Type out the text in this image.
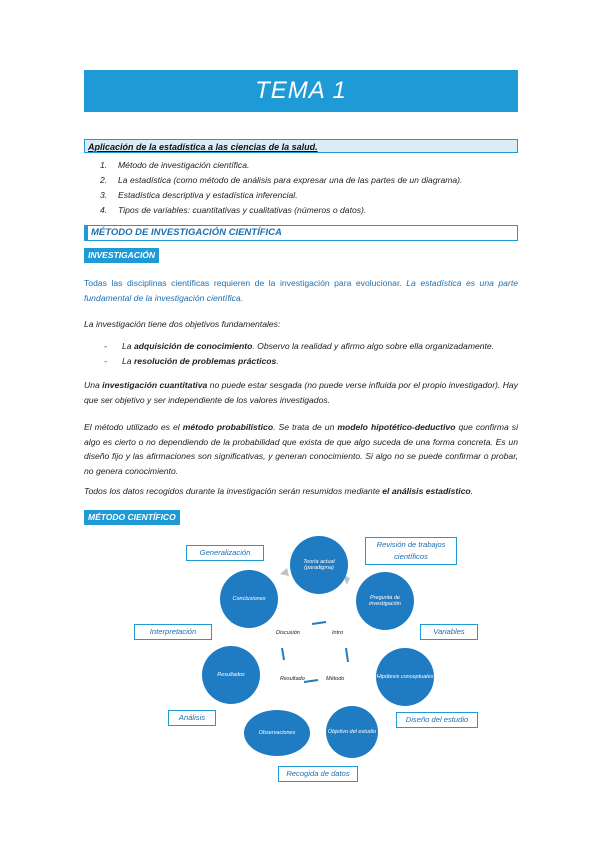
TEMA 1
Aplicación de la estadística a las ciencias de la salud.
1.	Método de investigación científica.
2.	La estadística (como método de análisis para expresar una de las partes de un diagrama).
3.	Estadística descriptiva y estadística inferencial.
4.	Tipos de variables: cuantitativas y cualitativas (números o datos).
MÉTODO DE INVESTIGACIÓN CIENTÍFICA
INVESTIGACIÓN
Todas las disciplinas científicas requieren de la investigación para evolucionar. La estadística es una parte fundamental de la investigación científica.
La investigación tiene dos objetivos fundamentales:
-	La adquisición de conocimiento. Observo la realidad y afirmo algo sobre ella organizadamente.
-	La resolución de problemas prácticos.
Una investigación cuantitativa no puede estar sesgada (no puede verse influida por el propio investigador). Hay que ser objetivo y ser independiente de los valores investigados.
El método utilizado es el método probabilístico. Se trata de un modelo hipotético-deductivo que confirma si algo es cierto o no dependiendo de la probabilidad que exista de que algo suceda de una forma concreta. Es un diseño fijo y las afirmaciones son significativas, y generan conocimiento. Si algo no se puede confirmar o probar, no genera conocimiento.
Todos los datos recogidos durante la investigación serán resumidos mediante el análisis estadístico.
MÉTODO CIENTÍFICO
Teoría actual (paradigma)
Pregunta de investigación
Hipótesis conceptuales
Objetivo del estudio
Observaciones
Resultados
Conclusiones
Discusión	Intro
Resultado	Método
Generalización
Revisión de trabajos científicos
Interpretación	Variables
Análisis	Diseño del estudio
Recogida de datos
